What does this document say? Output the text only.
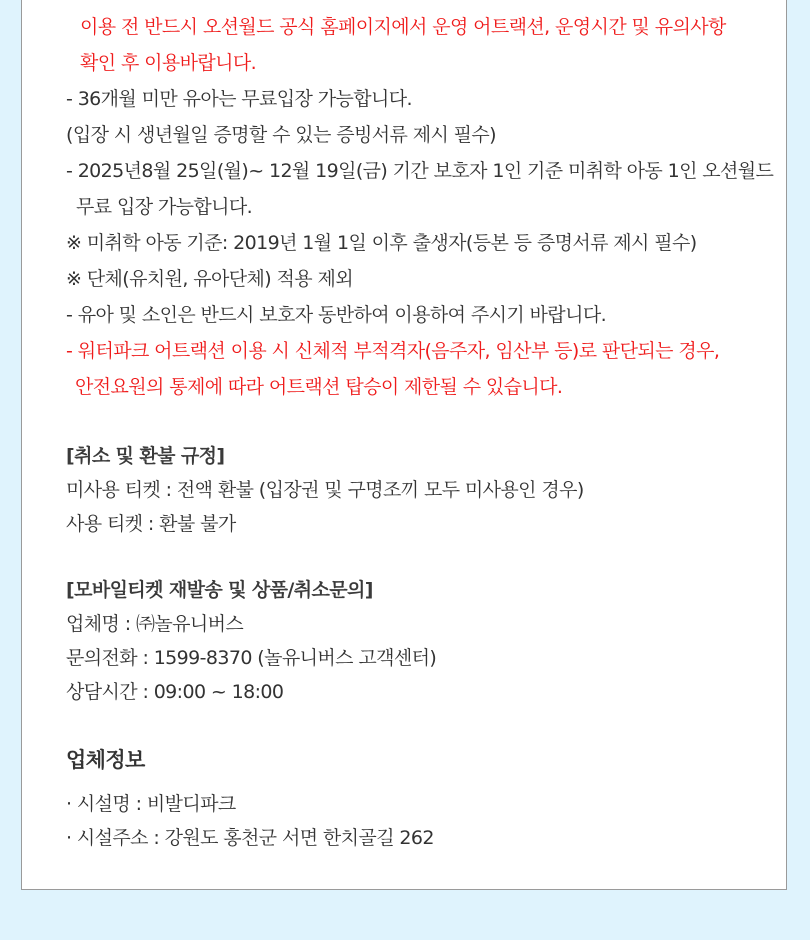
이용 전 반드시 오션월드 공식 홈페이지에서 운영 어트랙션, 운영시간 및 유의사항
확인 후 이용바랍니다.
- 36개월 미만 유아는 무료입장 가능합니다.
(입장 시 생년월일 증명할 수 있는 증빙서류 제시 필수)
- 2025년8월 25일(월)~ 12월 19일(금) 기간 보호자 1인 기준 미취학 아동 1인 오션월드
무료 입장 가능합니다.
※ 미취학 아동 기준: 2019년 1월 1일 이후 출생자(등본 등 증명서류 제시 필수)
※ 단체(유치원, 유아단체) 적용 제외
- 유아 및 소인은 반드시 보호자 동반하여 이용하여 주시기 바랍니다.
- 워터파크 어트랙션 이용 시 신체적 부적격자(음주자, 임산부 등)로 판단되는 경우,
안전요원의 통제에 따라 어트랙션 탑승이 제한될 수 있습니다.
[취소 및 환불 규정]
미사용 티켓 : 전액 환불 (입장권 및 구명조끼 모두 미사용인 경우)
사용 티켓 : 환불 불가
[모바일티켓 재발송 및 상품/취소문의]
업체명 : ㈜놀유니버스
문의전화 : 1599-8370 (놀유니버스 고객센터)
상담시간 : 09:00 ~ 18:00
업체정보
· 시설명 : 비발디파크
· 시설주소 : 강원도 홍천군 서면 한치골길 262
